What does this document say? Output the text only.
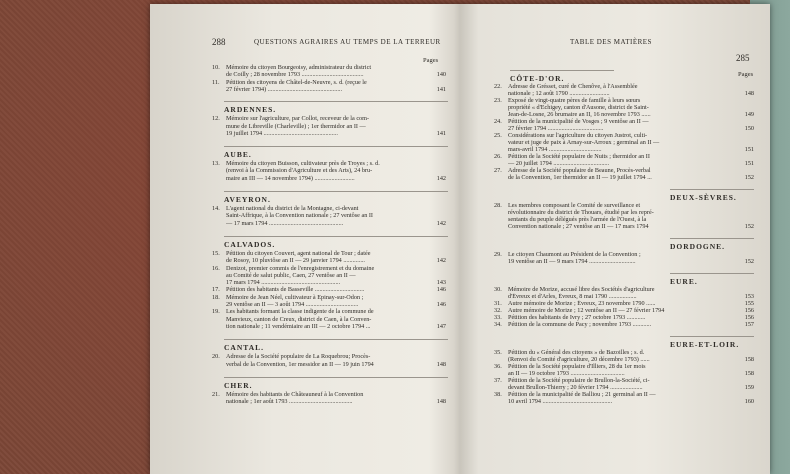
288	QUESTIONS AGRAIRES AU TEMPS DE LA TERREUR
Pages
10.	Mémoire du citoyen Bourgeoisy, administrateur du district
de Coilly ; 28 novembre 1793 ........................................	140
11.	Pétition des citoyens de Châtel-de-Neuvre, s. d. (reçue le
27 février 1794) ................................................	141
ARDENNES.
12.	Mémoire sur l'agriculture, par Collot, receveur de la com-
mune de Libreville (Charleville) ; 1er thermidor an II —
19 juillet 1794 ................................................	141
AUBE.
13.	Mémoire du citoyen Buisson, cultivateur près de Troyes ; s. d.
(renvoi à la Commission d'Agriculture et des Arts), 24 bru-
maire an III — 14 novembre 1794) ..........................	142
AVEYRON.
14.	L'agent national du district de la Montagne, ci-devant
Saint-Affrique, à la Convention nationale ; 27 ventôse an II
— 17 mars 1794 ................................................	142
CALVADOS.
15.	Pétition du citoyen Couvert, agent national de Tour ; datée
de Rosoy, 10 pluviôse an II — 29 janvier 1794 ..............	142
16.	Denizot, premier commis de l'enregistrement et du domaine
au Comité de salut public, Caen, 27 ventôse an II —
17 mars 1794 ...................................................	143
17.	Pétition des habitants de Basseville ................................	146
18.	Mémoire de Jean Néel, cultivateur à Epinay-sur-Odon ;
29 ventôse an II — 3 août 1794 ..................................	146
19.	Les habitants formant la classe indigente de la commune de
Manvieux, canton de Creux, district de Caen, à la Conven-
tion nationale ; 11 vendémiaire an III — 2 octobre 1794 ...	147
CANTAL.
20.	Adresse de la Société populaire de La Roquebrou; Procès-
verbal de la Convention, 1er messidor an II — 19 juin 1794	148
CHER.
21.	Mémoire des habitants de Châteauneuf à la Convention
nationale ; 1er août 1793 .........................................	148
TABLE DES MATIÈRES
285
Pages
CÔTE-D'OR.
22.	Adresse de Grésset, curé de Chenôve, à l'Assemblée
nationale ; 12 août 1790 ..........................	148
23.	Exposé de vingt-quatre pères de famille à leurs sœurs
propriété « d'Echigey, canton d'Ausone, district de Saint-
Jean-de-Losne, 26 brumaire an II, 16 novembre 1793 ......	149
24.	Pétition de la municipalité de Vosges ; 9 ventôse an II —
27 février 1794 ....................................	150
25.	Considérations sur l'agriculture du citoyen Justrot, culti-
vateur et juge de paix à Arnay-sur-Arroux ; germinal an II —
mars-avril 1794 ..................................	151
26.	Pétition de la Société populaire de Nuits ; thermidor an II
— 20 juillet 1794 ....................................	151
27.	Adresse de la Société populaire de Beaune, Procès-verbal
de la Convention, 1er thermidor an II — 19 juillet 1794 ...	152
DEUX-SÈVRES.
28.	Les membres composant le Comité de surveillance et
révolutionnaire du district de Thouars, étudié par les repré-
sentants du peuple délégués près l'armée de l'Ouest, à la
Convention nationale ; 27 ventôse an II — 17 mars 1794	152
DORDOGNE.
29.	Le citoyen Chaumont au Président de la Convention ;
19 ventôse an II — 9 mars 1794 ..............................	152
EURE.
30.	Mémoire de Morize, accusé libre des Sociétés d'agriculture
d'Évreux et d'Arles, Évreux, 8 mai 1790 ..................	153
31.	Autre mémoire de Morize ; Évreux, 23 novembre 1790 ......	155
32.	Autre mémoire de Morize ; 12 ventôse an II — 27 février 1794	156
33.	Pétition des habitants de Ivry ; 27 octobre 1793 ............	156
34.	Pétition de la commune de Pacy ; novembre 1793 ............	157
EURE-ET-LOIR.
35.	Pétition du « Général des citoyens » de Bazoilles ; s. d.
(Renvoi du Comité d'agriculture, 20 décembre 1793) ......	158
36.	Pétition de la Société populaire d'Illiers, 28 du 1er mois
an II — 19 octobre 1793 ...................................	158
37.	Pétition de la Société populaire de Brullon-la-Société, ci-
devant Brullon-Thierry ; 20 février 1794 .....................	159
38.	Pétition de la municipalité de Balliou ; 21 germinal an II —
10 avril 1794 .............................................	160
